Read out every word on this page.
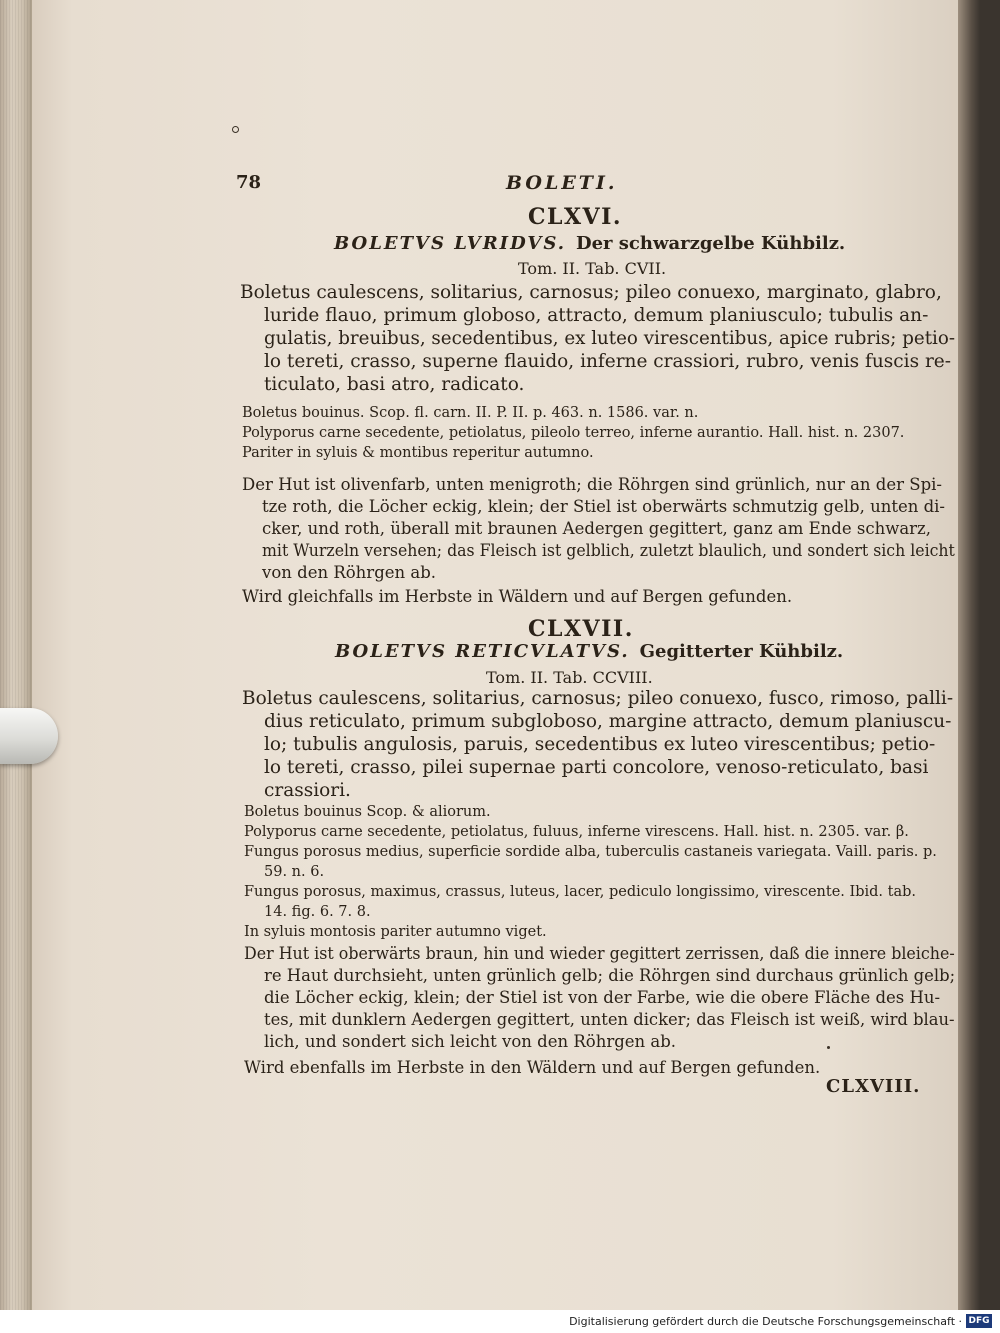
78	BOLETI.
CLXVI.
BOLETVS LVRIDVS. Der schwarzgelbe Kühbilz.
Tom. II. Tab. CVII.
Boletus caulescens, solitarius, carnosus; pileo conuexo, marginato, glabro,
luride flauo, primum globoso, attracto, demum planiusculo; tubulis an-
gulatis, breuibus, secedentibus, ex luteo virescentibus, apice rubris; petio-
lo tereti, crasso, superne flauido, inferne crassiori, rubro, venis fuscis re-
ticulato, basi atro, radicato.
Boletus bouinus. Scop. fl. carn. II. P. II. p. 463. n. 1586. var. n.
Polyporus carne secedente, petiolatus, pileolo terreo, inferne aurantio. Hall. hist. n. 2307.
Pariter in syluis & montibus reperitur autumno.
Der Hut ist olivenfarb, unten menigroth; die Röhrgen sind grünlich, nur an der Spi-
tze roth, die Löcher eckig, klein; der Stiel ist oberwärts schmutzig gelb, unten di-
cker, und roth, überall mit braunen Aedergen gegittert, ganz am Ende schwarz,
mit Wurzeln versehen; das Fleisch ist gelblich, zuletzt blaulich, und sondert sich leicht
von den Röhrgen ab.
Wird gleichfalls im Herbste in Wäldern und auf Bergen gefunden.
CLXVII.
BOLETVS RETICVLATVS. Gegitterter Kühbilz.
Tom. II. Tab. CCVIII.
Boletus caulescens, solitarius, carnosus; pileo conuexo, fusco, rimoso, palli-
dius reticulato, primum subgloboso, margine attracto, demum planiuscu-
lo; tubulis angulosis, paruis, secedentibus ex luteo virescentibus; petio-
lo tereti, crasso, pilei supernae parti concolore, venoso-reticulato, basi
crassiori.
Boletus bouinus Scop. & aliorum.
Polyporus carne secedente, petiolatus, fuluus, inferne virescens. Hall. hist. n. 2305. var. β.
Fungus porosus medius, superficie sordide alba, tuberculis castaneis variegata. Vaill. paris. p.
59. n. 6.
Fungus porosus, maximus, crassus, luteus, lacer, pediculo longissimo, virescente. Ibid. tab.
14. fig. 6. 7. 8.
In syluis montosis pariter autumno viget.
Der Hut ist oberwärts braun, hin und wieder gegittert zerrissen, daß die innere bleiche-
re Haut durchsieht, unten grünlich gelb; die Röhrgen sind durchaus grünlich gelb;
die Löcher eckig, klein; der Stiel ist von der Farbe, wie die obere Fläche des Hu-
tes, mit dunklern Aedergen gegittert, unten dicker; das Fleisch ist weiß, wird blau-
lich, und sondert sich leicht von den Röhrgen ab.
Wird ebenfalls im Herbste in den Wäldern und auf Bergen gefunden.
CLXVIII.
Digitalisierung gefördert durch die Deutsche Forschungsgemeinschaft · DFG
